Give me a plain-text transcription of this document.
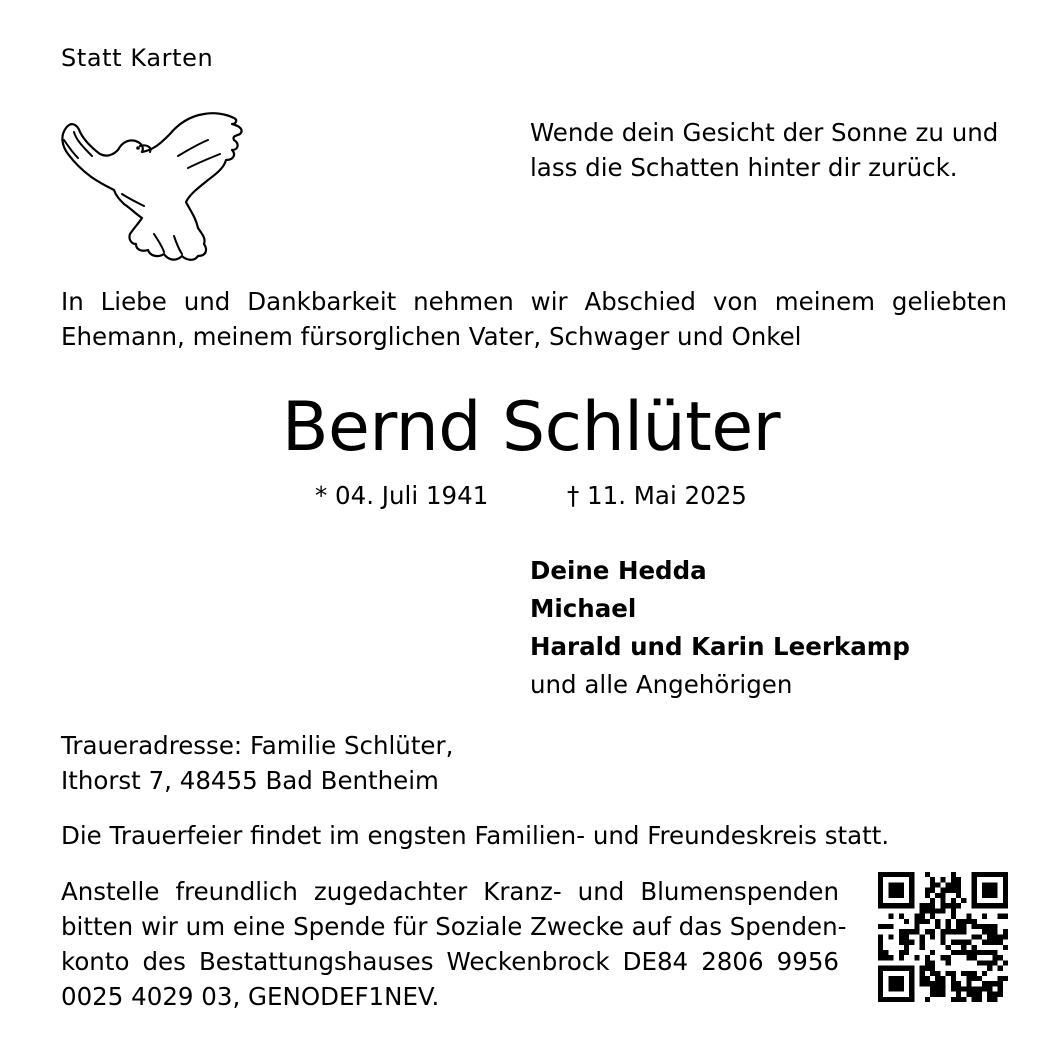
Statt Karten
Wende dein Gesicht der Sonne zu und
lass die Schatten hinter dir zurück.
In Liebe und Dankbarkeit nehmen wir Abschied von meinem geliebten
Ehemann, meinem fürsorglichen Vater, Schwager und Onkel
Bernd Schlüter
* 04. Juli 1941	† 11. Mai 2025
Deine Hedda
Michael
Harald und Karin Leerkamp
und alle Angehörigen
Traueradresse: Familie Schlüter,
Ithorst 7, 48455 Bad Bentheim
Die Trauerfeier findet im engsten Familien- und Freundeskreis statt.
Anstelle freundlich zugedachter Kranz- und Blumenspenden
bitten wir um eine Spende für Soziale Zwecke auf das Spenden-
konto des Bestattungshauses Weckenbrock DE84 2806 9956
0025 4029 03, GENODEF1NEV.
